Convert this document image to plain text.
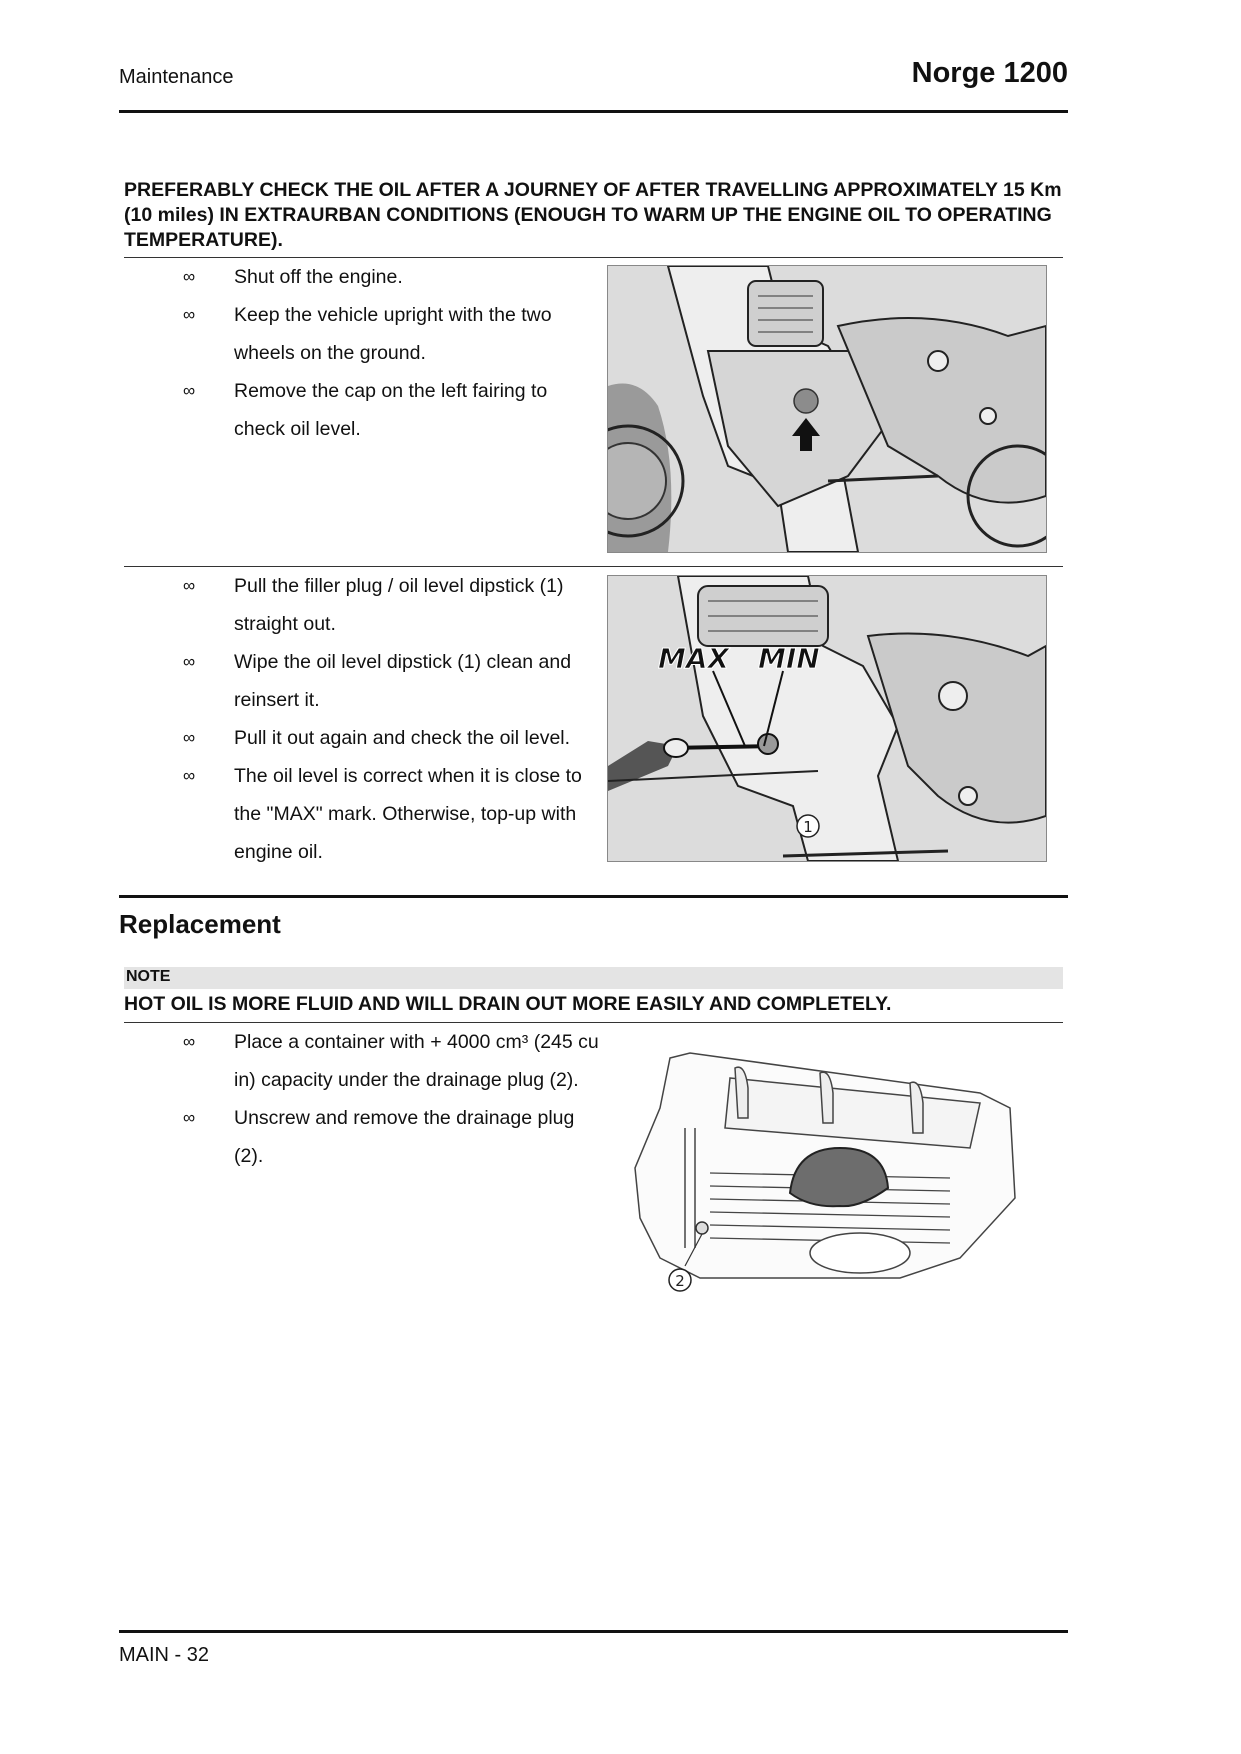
Maintenance	Norge 1200
PREFERABLY CHECK THE OIL AFTER A JOURNEY OF AFTER TRAVELLING APPROXIMATELY 15 Km (10 miles) IN EXTRAURBAN CONDITIONS (ENOUGH TO WARM UP THE ENGINE OIL TO OPERATING TEMPERATURE).
∞ Shut off the engine.
∞ Keep the vehicle upright with the two wheels on the ground.
∞ Remove the cap on the left fairing to check oil level.
∞ Pull the filler plug / oil level dipstick (1) straight out.
∞ Wipe the oil level dipstick (1) clean and reinsert it.
∞ Pull it out again and check the oil level.
∞ The oil level is correct when it is close to the "MAX" mark. Otherwise, top-up with engine oil.
MAX MIN
1
Replacement
NOTE
HOT OIL IS MORE FLUID AND WILL DRAIN OUT MORE EASILY AND COMPLETELY.
∞ Place a container with + 4000 cm³ (245 cu in) capacity under the drainage plug (2).
∞ Unscrew and remove the drainage plug (2).
2
MAIN - 32
